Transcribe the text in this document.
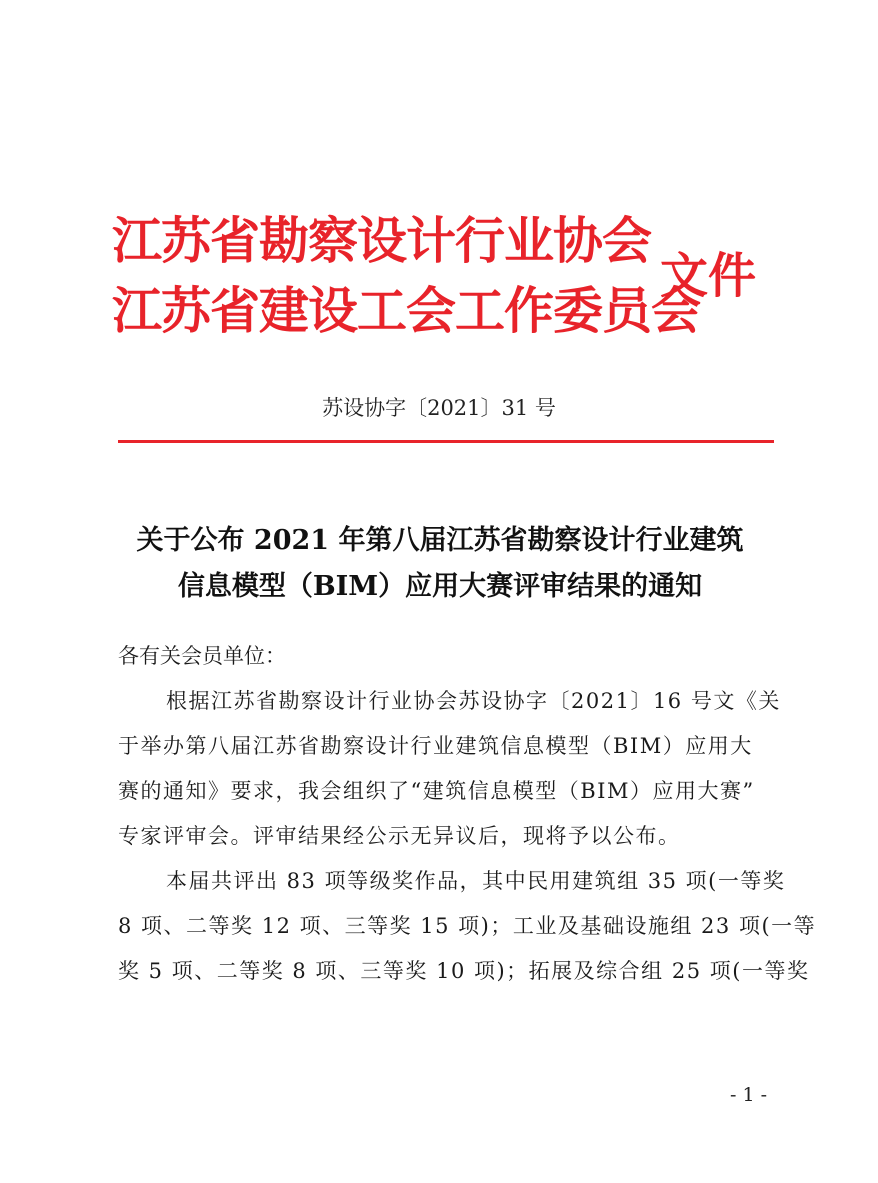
江苏省勘察设计行业协会
江苏省建设工会工作委员会
文件
苏设协字〔2021〕31 号
关于公布 2021 年第八届江苏省勘察设计行业建筑
信息模型（BIM）应用大赛评审结果的通知
各有关会员单位：
根据江苏省勘察设计行业协会苏设协字〔2021〕16 号文《关
于举办第八届江苏省勘察设计行业建筑信息模型（BIM）应用大
赛的通知》要求，我会组织了“建筑信息模型（BIM）应用大赛”
专家评审会。评审结果经公示无异议后，现将予以公布。
本届共评出 83 项等级奖作品，其中民用建筑组 35 项(一等奖
8 项、二等奖 12 项、三等奖 15 项)；工业及基础设施组 23 项(一等
奖 5 项、二等奖 8 项、三等奖 10 项)；拓展及综合组 25 项(一等奖
- 1 -
